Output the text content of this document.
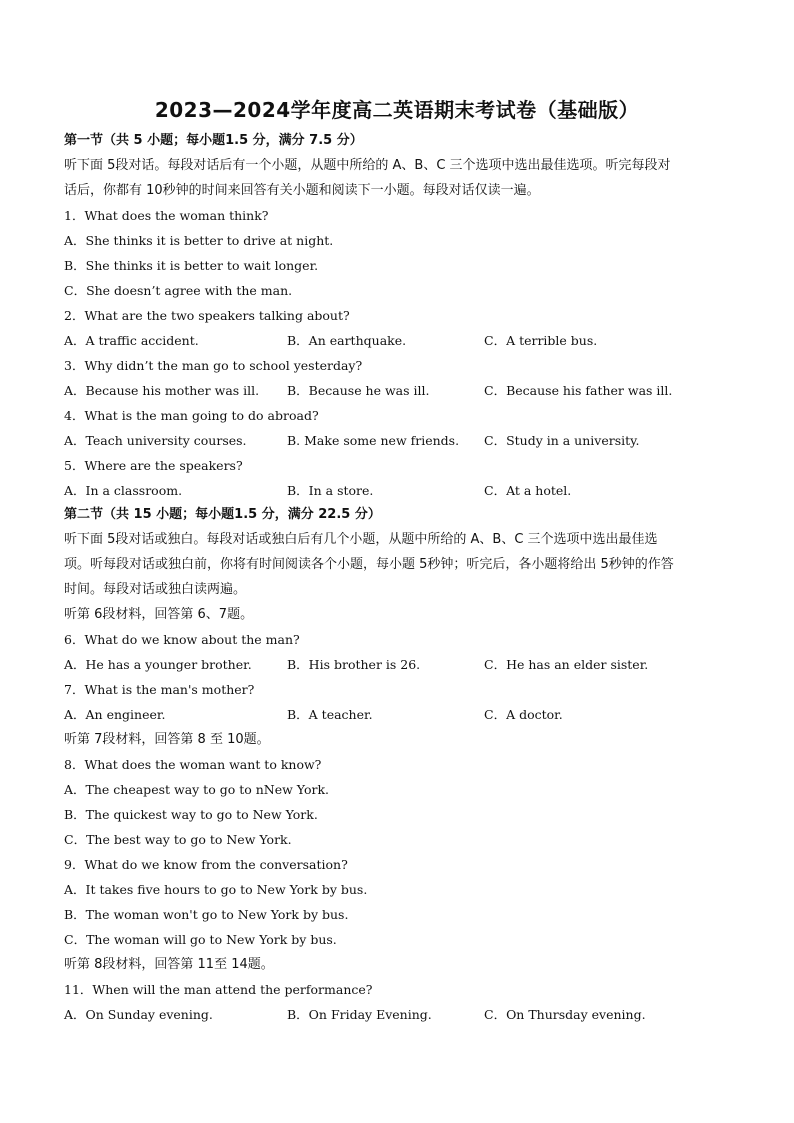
2023—2024学年度高二英语期末考试卷（基础版）
第一节（共 5 小题；每小题1.5 分，满分 7.5 分）
听下面 5段对话。每段对话后有一个小题，从题中所给的 A、B、C 三个选项中选出最佳选项。听完每段对
话后，你都有 10秒钟的时间来回答有关小题和阅读下一小题。每段对话仅读一遍。
1．What does the woman think?
A．She thinks it is better to drive at night.
B．She thinks it is better to wait longer.
C．She doesn’t agree with the man.
2．What are the two speakers talking about?
A．A traffic accident.	B．An earthquake.	C．A terrible bus.
3．Why didn’t the man go to school yesterday?
A．Because his mother was ill. B．Because he was ill.	C．Because his father was ill.
4．What is the man going to do abroad?
A．Teach university courses.	B. Make some new friends. C．Study in a university.
5．Where are the speakers?
A．In a classroom.	B．In a store.	C．At a hotel.
第二节（共 15 小题；每小题1.5 分，满分 22.5 分）
听下面 5段对话或独白。每段对话或独白后有几个小题，从题中所给的 A、B、C 三个选项中选出最佳选
项。听每段对话或独白前，你将有时间阅读各个小题，每小题 5秒钟；听完后，各小题将给出 5秒钟的作答
时间。每段对话或独白读两遍。
听第 6段材料，回答第 6、7题。
6．What do we know about the man?
A．He has a younger brother.	B．His brother is 26.	C．He has an elder sister.
7．What is the man's mother?
A．An engineer.	B．A teacher.	C．A doctor.
听第 7段材料，回答第 8 至 10题。
8．What does the woman want to know?
A．The cheapest way to go to nNew York.
B．The quickest way to go to New York.
C．The best way to go to New York.
9．What do we know from the conversation?
A．It takes five hours to go to New York by bus.
B．The woman won't go to New York by bus.
C．The woman will go to New York by bus.
听第 8段材料，回答第 11至 14题。
11．When will the man attend the performance?
A．On Sunday evening.	B．On Friday Evening.	C．On Thursday evening.
